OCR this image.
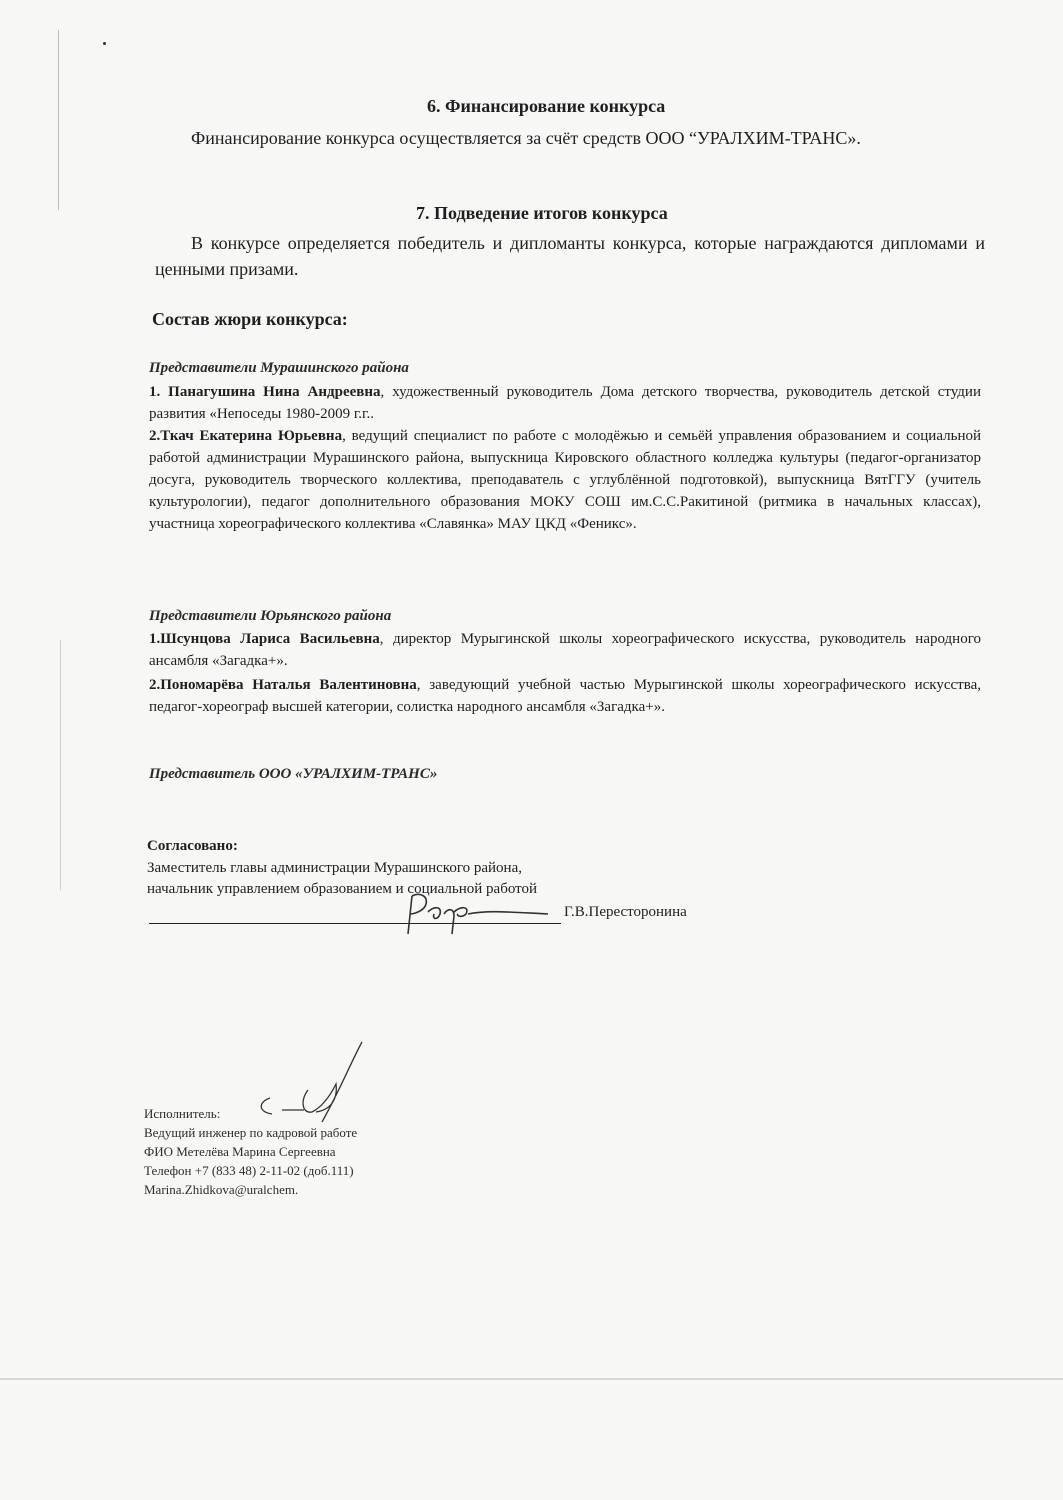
6. Финансирование конкурса
Финансирование конкурса осуществляется за счёт средств ООО “УРАЛХИМ-ТРАНС».
7. Подведение итогов конкурса
В конкурсе определяется победитель и дипломанты конкурса, которые награждаются дипломами и ценными призами.
Состав жюри конкурса:
Представители Мурашинского района
1. Панагушина Нина Андреевна, художественный руководитель Дома детского творчества, руководитель детской студии развития «Непоседы 1980-2009 г.г..
2.Ткач Екатерина Юрьевна, ведущий специалист по работе с молодёжью и семьёй управления образованием и социальной работой администрации Мурашинского района, выпускница Кировского областного колледжа культуры (педагог-организатор досуга, руководитель творческого коллектива, преподаватель с углублённой подготовкой), выпускница ВятГГУ (учитель культурологии), педагог дополнительного образования МОКУ СОШ им.С.С.Ракитиной (ритмика в начальных классах), участница хореографического коллектива «Славянка» МАУ ЦКД «Феникс».
Представители Юрьянского района
1.Шсунцова Лариса Васильевна, директор Мурыгинской школы хореографического искусства, руководитель народного ансамбля «Загадка+».
2.Пономарёва Наталья Валентиновна, заведующий учебной частью Мурыгинской школы хореографического искусства, педагог-хореограф высшей категории, солистка народного ансамбля «Загадка+».
Представитель ООО «УРАЛХИМ-ТРАНС»
Согласовано:
Заместитель главы администрации Мурашинского района,
начальник управлением образованием и социальной работой
Г.В.Пересторонина
Исполнитель:
Ведущий инженер по кадровой работе
ФИО Метелёва Марина Сергеевна
Телефон +7 (833 48) 2-11-02 (доб.111)
Marina.Zhidkova@uralchem.
